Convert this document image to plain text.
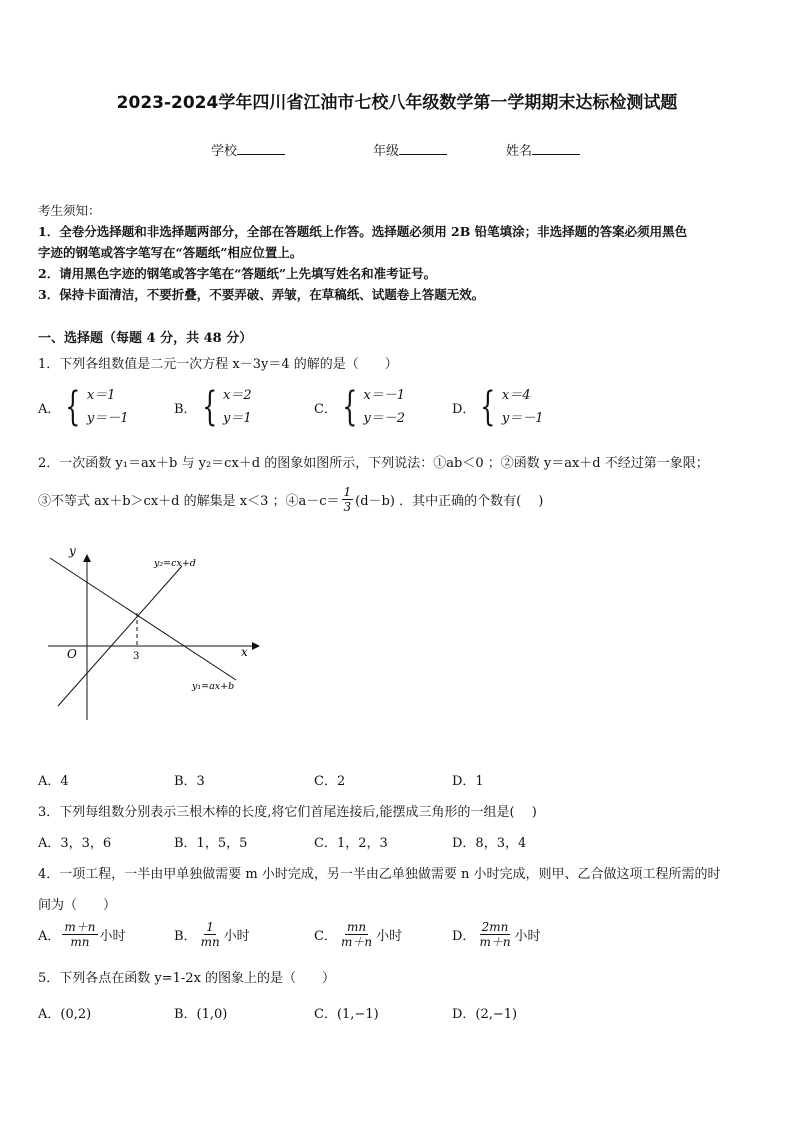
2023-2024学年四川省江油市七校八年级数学第一学期期末达标检测试题
学校	年级	姓名
考生须知：
1．全卷分选择题和非选择题两部分，全部在答题纸上作答。选择题必须用 2B 铅笔填涂；非选择题的答案必须用黑色
字迹的钢笔或答字笔写在“答题纸”相应位置上。
2．请用黑色字迹的钢笔或答字笔在“答题纸”上先填写姓名和准考证号。
3．保持卡面清洁，不要折叠，不要弄破、弄皱，在草稿纸、试题卷上答题无效。
一、选择题（每题 4 分，共 48 分）
1．下列各组数值是二元一次方程 x－3y＝4 的解的是（　　）
A． { x＝1
y＝－1
B． { x＝2
y＝1
C． { x＝－1
y＝－2
D． { x＝4
y＝－1
2．一次函数 y₁＝ax＋b 与 y₂＝cx＋d 的图象如图所示，下列说法：①ab＜0 ；②函数 y＝ax＋d 不经过第一象限；
③不等式 ax＋b＞cx＋d 的解集是 x＜3 ；④a－c＝ $\frac{1}{3} (d-b)$ ．其中正确的个数有(　 )
y
x
O	3
y₂=cx+d
y₁=ax+b
A．4	B．3	C．2	D．1
3．下列每组数分别表示三根木棒的长度,将它们首尾连接后,能摆成三角形的一组是(　 )
A．3，3，6	B．1，5，5	C．1，2，3	D．8，3，4
4．一项工程，一半由甲单独做需要 m 小时完成，另一半由乙单独做需要 n 小时完成，则甲、乙合做这项工程所需的时
间为（　　）
A． $\frac{m+n}{mn}$ 小时	B． $\frac{1}{mn}$ 小时	C． $\frac{mn}{m+n}$ 小时	D． $\frac{2mn}{m+n}$ 小时
5．下列各点在函数 y=1-2x 的图象上的是（　　）
A．(0,2)	B．(1,0)	C．(1,−1)	D．(2,−1)
